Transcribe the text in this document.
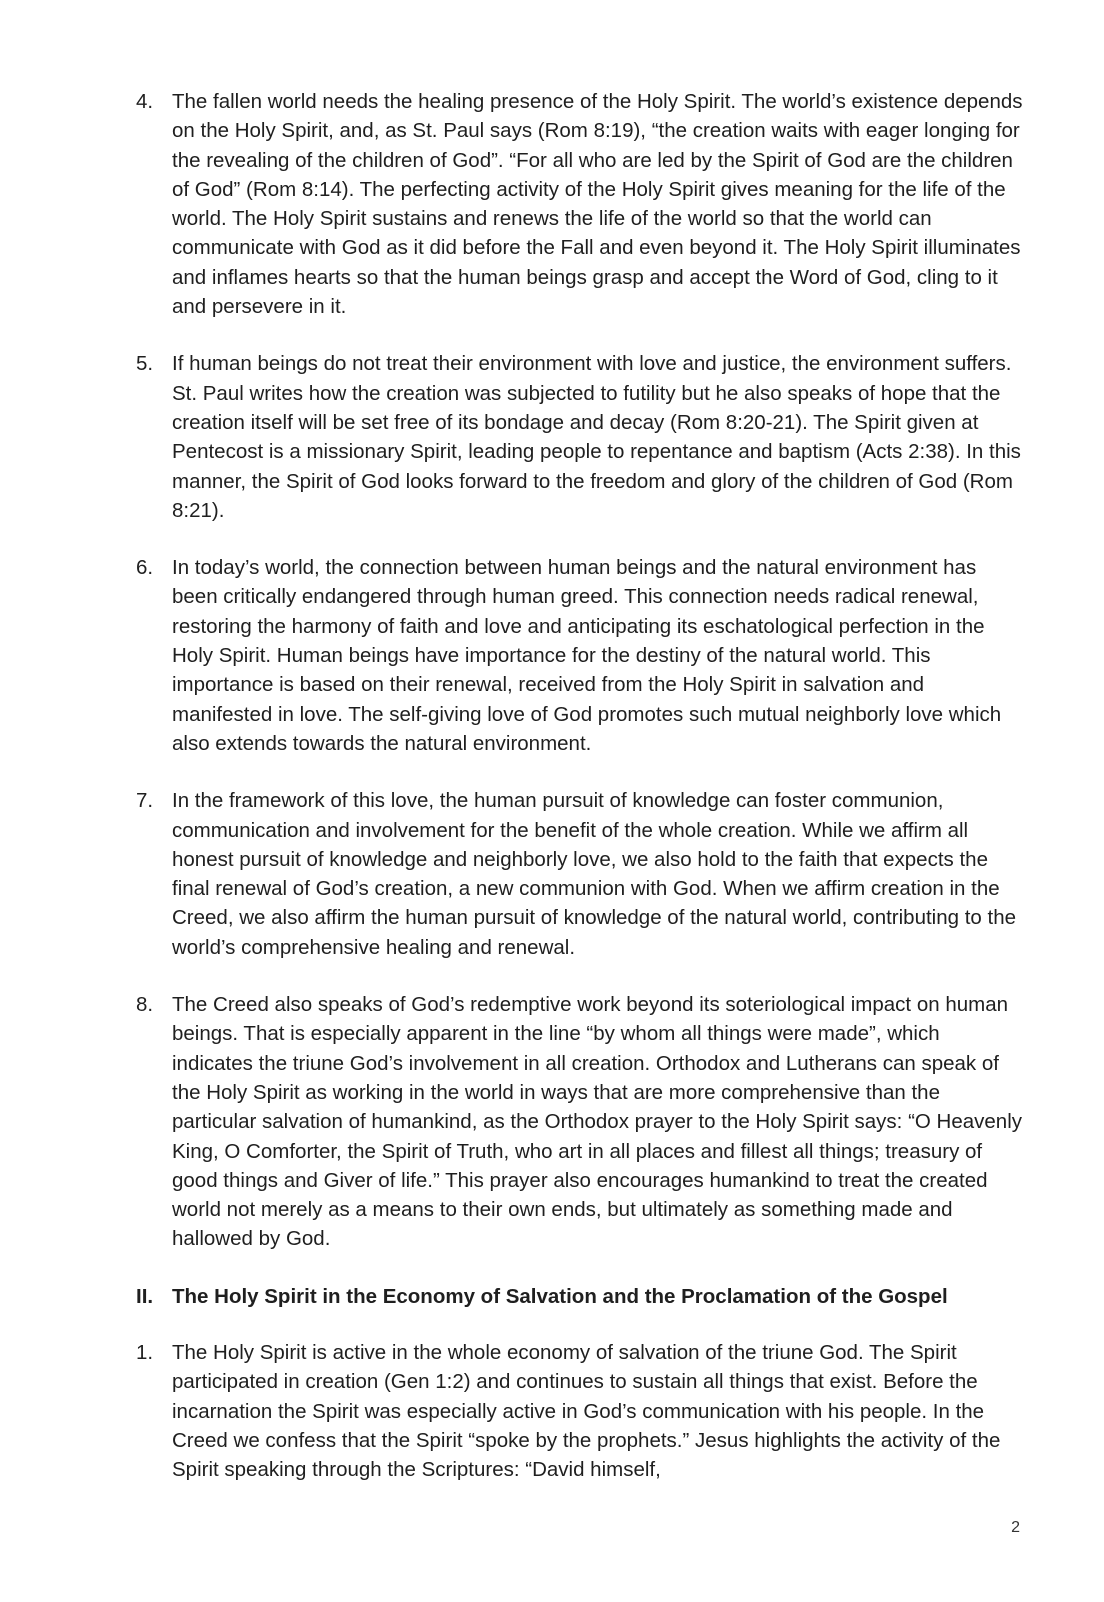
4. The fallen world needs the healing presence of the Holy Spirit. The world’s existence depends on the Holy Spirit, and, as St. Paul says (Rom 8:19), “the creation waits with eager longing for the revealing of the children of God”. “For all who are led by the Spirit of God are the children of God” (Rom 8:14). The perfecting activity of the Holy Spirit gives meaning for the life of the world. The Holy Spirit sustains and renews the life of the world so that the world can communicate with God as it did before the Fall and even beyond it. The Holy Spirit illuminates and inflames hearts so that the human beings grasp and accept the Word of God, cling to it and persevere in it.
5. If human beings do not treat their environment with love and justice, the environment suffers. St. Paul writes how the creation was subjected to futility but he also speaks of hope that the creation itself will be set free of its bondage and decay (Rom 8:20-21). The Spirit given at Pentecost is a missionary Spirit, leading people to repentance and baptism (Acts 2:38). In this manner, the Spirit of God looks forward to the freedom and glory of the children of God (Rom 8:21).
6. In today’s world, the connection between human beings and the natural environment has been critically endangered through human greed. This connection needs radical renewal, restoring the harmony of faith and love and anticipating its eschatological perfection in the Holy Spirit. Human beings have importance for the destiny of the natural world. This importance is based on their renewal, received from the Holy Spirit in salvation and manifested in love. The self-giving love of God promotes such mutual neighborly love which also extends towards the natural environment.
7. In the framework of this love, the human pursuit of knowledge can foster communion, communication and involvement for the benefit of the whole creation. While we affirm all honest pursuit of knowledge and neighborly love, we also hold to the faith that expects the final renewal of God’s creation, a new communion with God. When we affirm creation in the Creed, we also affirm the human pursuit of knowledge of the natural world, contributing to the world’s comprehensive healing and renewal.
8. The Creed also speaks of God’s redemptive work beyond its soteriological impact on human beings. That is especially apparent in the line “by whom all things were made”, which indicates the triune God’s involvement in all creation. Orthodox and Lutherans can speak of the Holy Spirit as working in the world in ways that are more comprehensive than the particular salvation of humankind, as the Orthodox prayer to the Holy Spirit says: “O Heavenly King, O Comforter, the Spirit of Truth, who art in all places and fillest all things; treasury of good things and Giver of life.” This prayer also encourages humankind to treat the created world not merely as a means to their own ends, but ultimately as something made and hallowed by God.
II. The Holy Spirit in the Economy of Salvation and the Proclamation of the Gospel
1. The Holy Spirit is active in the whole economy of salvation of the triune God. The Spirit participated in creation (Gen 1:2) and continues to sustain all things that exist. Before the incarnation the Spirit was especially active in God’s communication with his people. In the Creed we confess that the Spirit “spoke by the prophets.” Jesus highlights the activity of the Spirit speaking through the Scriptures: “David himself,
2
